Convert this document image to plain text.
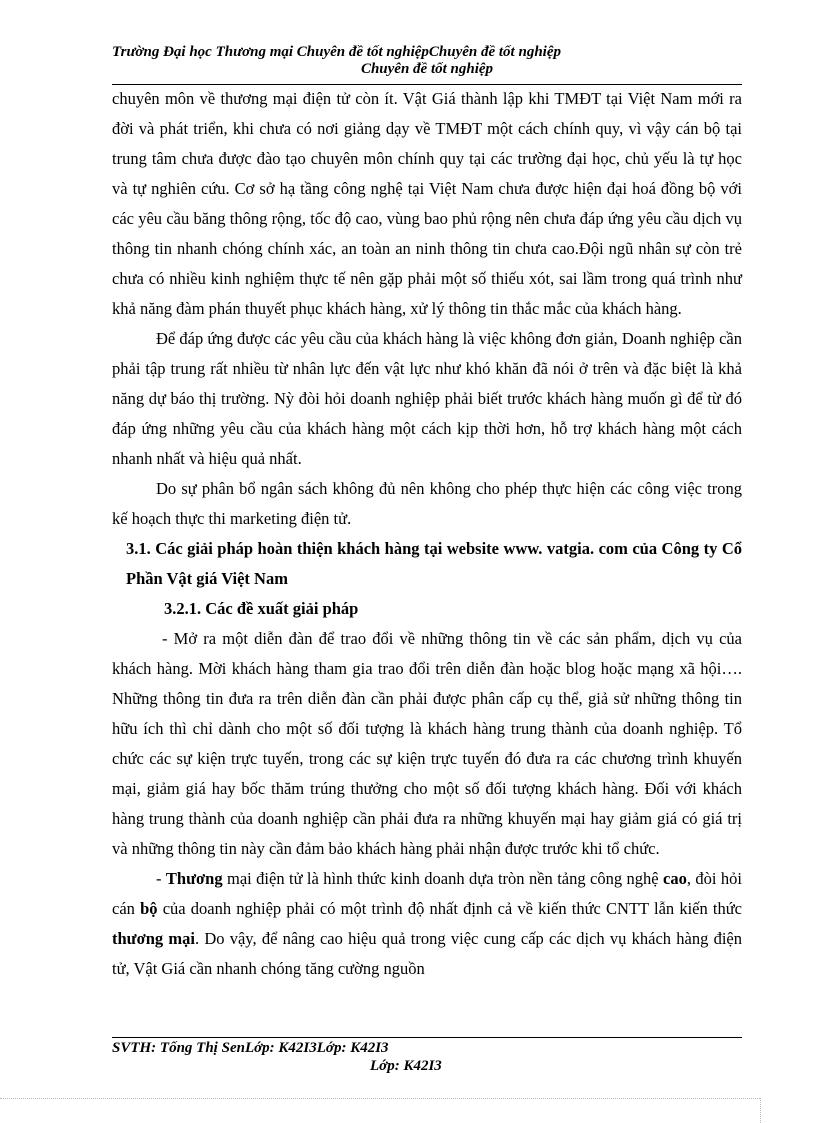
Trường Đại học Thương mại Chuyên đề tốt nghiệpChuyên đề tốt nghiệp
Chuyên đề tốt nghiệp

chuyên môn về thương mại điện tử còn ít. Vật Giá thành lập khi TMĐT tại Việt Nam mới ra đời và phát triển, khi chưa có nơi giảng dạy về TMĐT một cách chính quy, vì vậy cán bộ tại trung tâm chưa được đào tạo chuyên môn chính quy tại các trường đại học, chủ yếu là tự học và tự nghiên cứu. Cơ sở hạ tầng công nghệ tại Việt Nam chưa được hiện đại hoá đồng bộ với các yêu cầu băng thông rộng, tốc độ cao, vùng bao phủ rộng nên chưa đáp ứng yêu cầu dịch vụ thông tin nhanh chóng chính xác, an toàn an ninh thông tin chưa cao.Đội ngũ nhân sự còn trẻ chưa có nhiều kinh nghiệm thực tế nên gặp phải một số thiếu xót, sai lầm trong quá trình như khả năng đàm phán thuyết phục khách hàng, xử lý thông tin thắc mắc của khách hàng.

Để đáp ứng được các yêu cầu của khách hàng là việc không đơn giản, Doanh nghiệp cần phải tập trung rất nhiều từ nhân lực đến vật lực như khó khăn đã nói ở trên và đặc biệt là khả năng dự báo thị trường. Nỳ đòi hỏi doanh nghiệp phải biết trước khách hàng muốn gì để từ đó đáp ứng những yêu cầu của khách hàng một cách kịp thời hơn, hỗ trợ khách hàng một cách nhanh nhất và hiệu quả nhất.

Do sự phân bổ ngân sách không đủ nên không cho phép thực hiện các công việc trong kế hoạch thực thi marketing điện tử.

3.1. Các giải pháp hoàn thiện khách hàng tại website www. vatgia. com của Công ty Cổ Phần Vật giá Việt Nam

3.2.1. Các đề xuất giải pháp

- Mở ra một diễn đàn để trao đổi về những thông tin về các sản phẩm, dịch vụ của khách hàng. Mời khách hàng tham gia trao đổi trên diễn đàn hoặc blog hoặc mạng xã hội…. Những thông tin đưa ra trên diễn đàn cần phải được phân cấp cụ thể, giả sử những thông tin hữu ích thì chỉ dành cho một số đối tượng là khách hàng trung thành của doanh nghiệp. Tổ chức các sự kiện trực tuyến, trong các sự kiện trực tuyến đó đưa ra các chương trình khuyến mại, giảm giá hay bốc thăm trúng thưởng cho một số đối tượng khách hàng. Đối với khách hàng trung thành của doanh nghiệp cần phải đưa ra những khuyến mại hay giảm giá có giá trị và những thông tin này cần đảm bảo khách hàng phải nhận được trước khi tổ chức.

- Thương mại điện tử là hình thức kinh doanh dựa tròn nền tảng công nghệ cao, đòi hỏi cán bộ của doanh nghiệp phải có một trình độ nhất định cả về kiến thức CNTT lẫn kiến thức thương mại. Do vậy, để nâng cao hiệu quả trong việc cung cấp các dịch vụ khách hàng điện tử, Vật Giá cần nhanh chóng tăng cường nguồn

SVTH: Tống Thị SenLớp: K42I3Lớp: K42I3
Lớp: K42I3
